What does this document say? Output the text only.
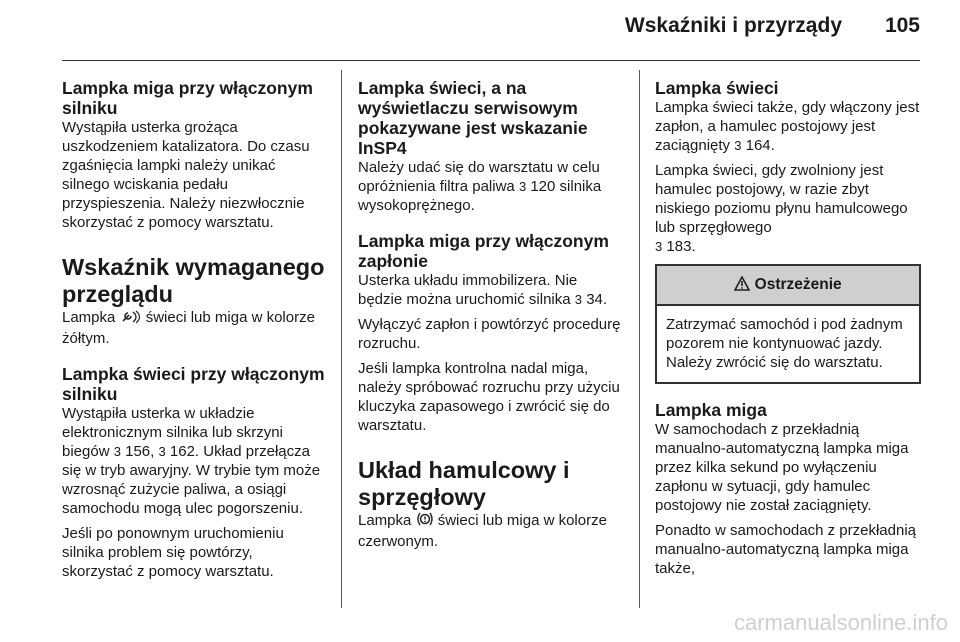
Wskaźniki i przyrządy 105
Lampka miga przy włączonym silniku

Wystąpiła usterka grożąca uszkodzeniem katalizatora. Do czasu zgaśnięcia lampki należy unikać silnego wciskania pedału przyspieszenia. Należy niezwłocznie skorzystać z pomocy warsztatu.

Wskaźnik wymaganego przeglądu

Lampka świeci lub miga w kolorze żółtym.

Lampka świeci przy włączonym silniku

Wystąpiła usterka w układzie elektronicznym silnika lub skrzyni biegów 3 156, 3 162. Układ przełącza się w tryb awaryjny. W trybie tym może wzrosnąć zużycie paliwa, a osiągi samochodu mogą ulec pogorszeniu.

Jeśli po ponownym uruchomieniu silnika problem się powtórzy, skorzystać z pomocy warsztatu.

Lampka świeci, a na wyświetlaczu serwisowym pokazywane jest wskazanie InSP4

Należy udać się do warsztatu w celu opróżnienia filtra paliwa 3 120 silnika wysokoprężnego.

Lampka miga przy włączonym zapłonie

Usterka układu immobilizera. Nie będzie można uruchomić silnika 3 34.

Wyłączyć zapłon i powtórzyć procedurę rozruchu.

Jeśli lampka kontrolna nadal miga, należy spróbować rozruchu przy użyciu kluczyka zapasowego i zwrócić się do warsztatu.

Układ hamulcowy i sprzęgłowy

Lampka świeci lub miga w kolorze czerwonym.

Lampka świeci

Lampka świeci także, gdy włączony jest zapłon, a hamulec postojowy jest zaciągnięty 3 164.

Lampka świeci, gdy zwolniony jest hamulec postojowy, w razie zbyt niskiego poziomu płynu hamulcowego lub sprzęgłowego
3 183.

Ostrzeżenie
Zatrzymać samochód i pod żadnym pozorem nie kontynuować jazdy. Należy zwrócić się do warsztatu.
Lampka miga

W samochodach z przekładnią manualno-automatyczną lampka miga przez kilka sekund po wyłączeniu zapłonu w sytuacji, gdy hamulec postojowy nie został zaciągnięty.

Ponadto w samochodach z przekładnią manualno-automatyczną lampka miga także,

carmanualsonline.info
